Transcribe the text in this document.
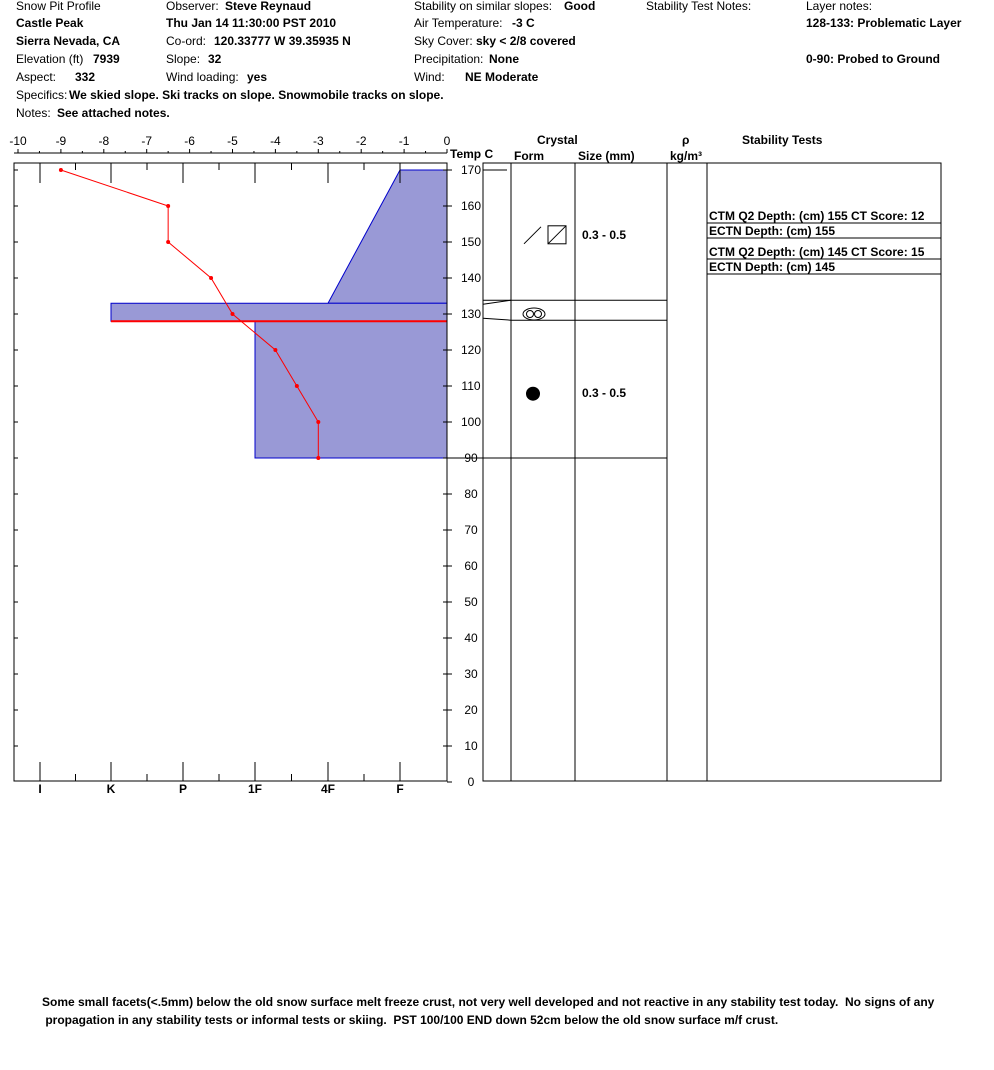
Snow Pit Profile
Castle Peak
Sierra Nevada, CA
Elevation (ft) 7939
Aspect: 332
Observer: Steve Reynaud
Thu Jan 14 11:30:00 PST 2010
Co-ord: 120.33777 W 39.35935 N
Slope: 32
Wind loading: yes
Stability on similar slopes: Good
Air Temperature: -3 C
Sky Cover: sky < 2/8 covered
Precipitation: None
Wind: NE Moderate
Stability Test Notes:	Layer notes:
128-133: Problematic Layer
0-90: Probed to Ground
Specifics: We skied slope. Ski tracks on slope. Snowmobile tracks on slope.
Notes: See attached notes.
Temp C
Crystal
Form	Size (mm)
ρ
kg/m³
Stability Tests
0.3 - 0.5
0.3 - 0.5
CTM Q2 Depth: (cm) 155 CT Score: 12
ECTN Depth: (cm) 155
CTM Q2 Depth: (cm) 145 CT Score: 15
ECTN Depth: (cm) 145
-10 -9	-8	-7	-6	-5	-4	-3	-2	-1	0
0
10
20
30
40
50
60
70
80
90
100
110
120
130
140
150
160
170
I	K	P	1F	4F	F
Some small facets(<.5mm) below the old snow surface melt freeze crust, not very well developed and not reactive in any stability test today.  No signs of any
propagation in any stability tests or informal tests or skiing.  PST 100/100 END down 52cm below the old snow surface m/f crust.
